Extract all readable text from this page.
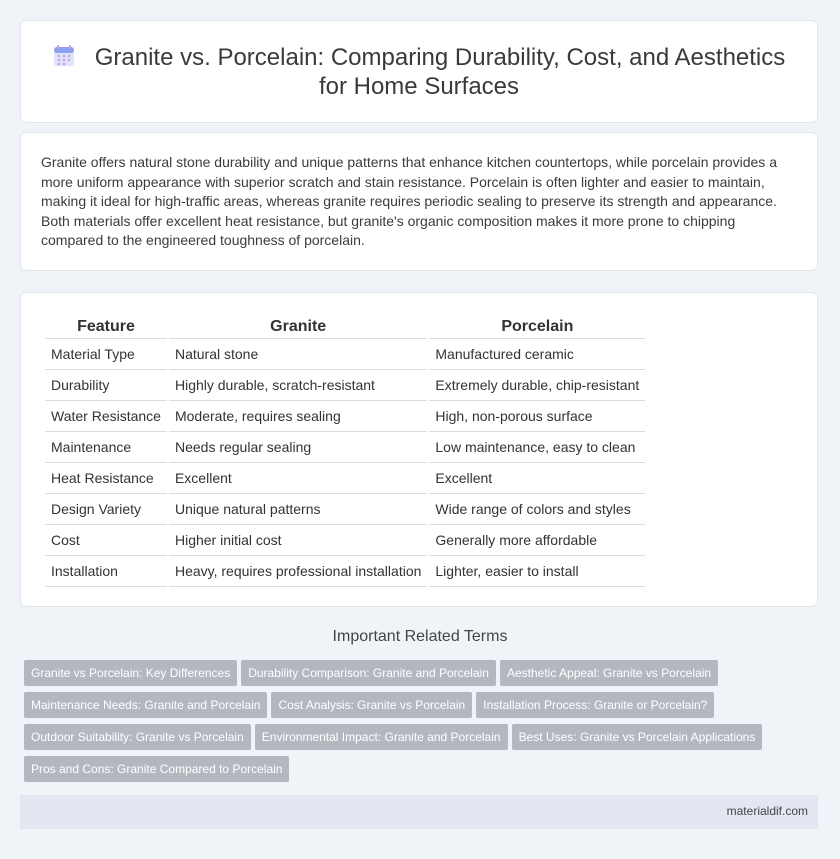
Granite vs. Porcelain: Comparing Durability, Cost, and Aesthetics
for Home Surfaces

Granite offers natural stone durability and unique patterns that enhance kitchen countertops, while porcelain provides a more uniform appearance with superior scratch and stain resistance. Porcelain is often lighter and easier to maintain, making it ideal for high-traffic areas, whereas granite requires periodic sealing to preserve its strength and appearance. Both materials offer excellent heat resistance, but granite's organic composition makes it more prone to chipping compared to the engineered toughness of porcelain.

Feature	Granite	Porcelain
Material Type	Natural stone	Manufactured ceramic
Durability	Highly durable, scratch-resistant	Extremely durable, chip-resistant
Water Resistance	Moderate, requires sealing	High, non-porous surface
Maintenance	Needs regular sealing	Low maintenance, easy to clean
Heat Resistance	Excellent	Excellent
Design Variety	Unique natural patterns	Wide range of colors and styles
Cost	Higher initial cost	Generally more affordable
Installation	Heavy, requires professional installation	Lighter, easier to install
Important Related Terms
Granite vs Porcelain: Key Differences Durability Comparison: Granite and Porcelain Aesthetic Appeal: Granite vs Porcelain
Maintenance Needs: Granite and Porcelain Cost Analysis: Granite vs Porcelain Installation Process: Granite or Porcelain?
Outdoor Suitability: Granite vs Porcelain Environmental Impact: Granite and Porcelain Best Uses: Granite vs Porcelain Applications
Pros and Cons: Granite Compared to Porcelain
materialdif.com
